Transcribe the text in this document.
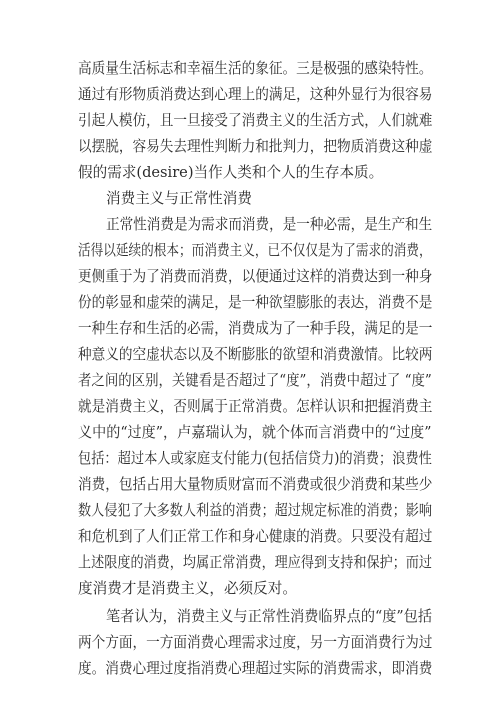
高质量生活标志和幸福生活的象征。三是极强的感染特性。
通过有形物质消费达到心理上的满足，这种外显行为很容易
引起人模仿，且一旦接受了消费主义的生活方式，人们就难
以摆脱，容易失去理性判断力和批判力，把物质消费这种虚
假的需求(desire)当作人类和个人的生存本质。
消费主义与正常性消费
正常性消费是为需求而消费，是一种必需，是生产和生
活得以延续的根本；而消费主义，已不仅仅是为了需求的消费，
更侧重于为了消费而消费，以便通过这样的消费达到一种身
份的彰显和虚荣的满足，是一种欲望膨胀的表达，消费不是
一种生存和生活的必需，消费成为了一种手段，满足的是一
种意义的空虚状态以及不断膨胀的欲望和消费激情。比较两
者之间的区别，关键看是否超过了“度”，消费中超过了 “度”
就是消费主义，否则属于正常消费。怎样认识和把握消费主
义中的“过度”，卢嘉瑞认为，就个体而言消费中的“过度”
包括：超过本人或家庭支付能力(包括信贷力)的消费；浪费性
消费，包括占用大量物质财富而不消费或很少消费和某些少
数人侵犯了大多数人利益的消费；超过规定标准的消费；影响
和危机到了人们正常工作和身心健康的消费。只要没有超过
上述限度的消费，均属正常消费，理应得到支持和保护；而过
度消费才是消费主义，必须反对。
笔者认为，消费主义与正常性消费临界点的“度”包括
两个方面，一方面消费心理需求过度，另一方面消费行为过
度。消费心理过度指消费心理超过实际的消费需求，即消费
